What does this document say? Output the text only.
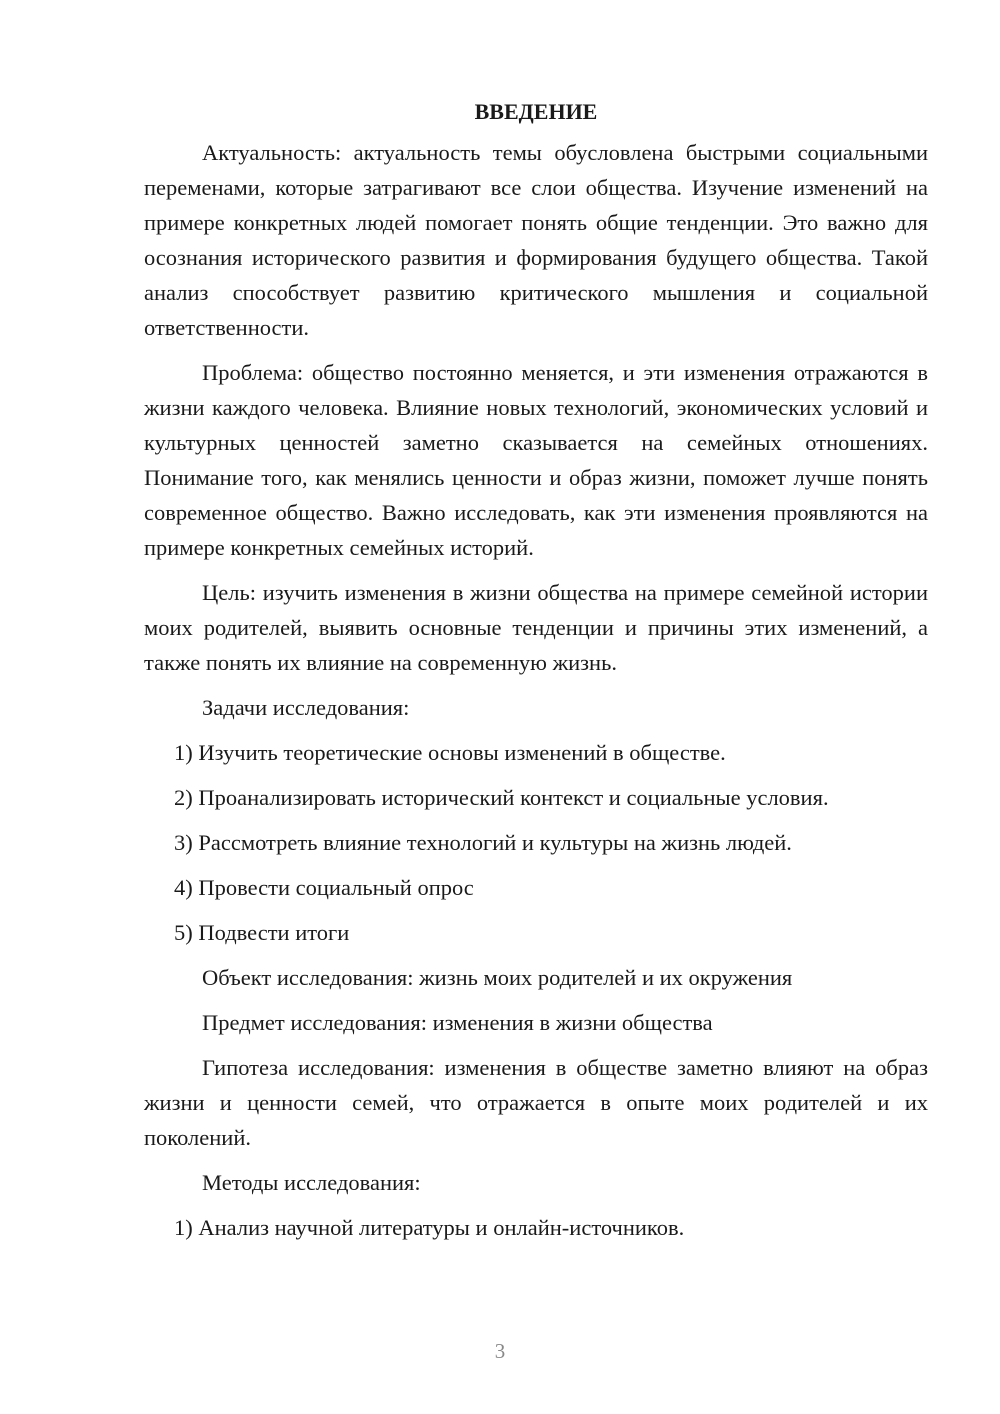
ВВЕДЕНИЕ

Актуальность: актуальность темы обусловлена быстрыми социальными переменами, которые затрагивают все слои общества. Изучение изменений на примере конкретных людей помогает понять общие тенденции. Это важно для осознания исторического развития и формирования будущего общества. Такой анализ способствует развитию критического мышления и социальной ответственности.

Проблема: общество постоянно меняется, и эти изменения отражаются в жизни каждого человека. Влияние новых технологий, экономических условий и культурных ценностей заметно сказывается на семейных отношениях. Понимание того, как менялись ценности и образ жизни, поможет лучше понять современное общество. Важно исследовать, как эти изменения проявляются на примере конкретных семейных историй.

Цель: изучить изменения в жизни общества на примере семейной истории моих родителей, выявить основные тенденции и причины этих изменений, а также понять их влияние на современную жизнь.

Задачи исследования:

1) Изучить теоретические основы изменений в обществе.
2) Проанализировать исторический контекст и социальные условия.
3) Рассмотреть влияние технологий и культуры на жизнь людей.
4) Провести социальный опрос
5) Подвести итоги

Объект исследования: жизнь моих родителей и их окружения

Предмет исследования: изменения в жизни общества

Гипотеза исследования: изменения в обществе заметно влияют на образ жизни и ценности семей, что отражается в опыте моих родителей и их поколений.

Методы исследования:

1) Анализ научной литературы и онлайн-источников.
3
